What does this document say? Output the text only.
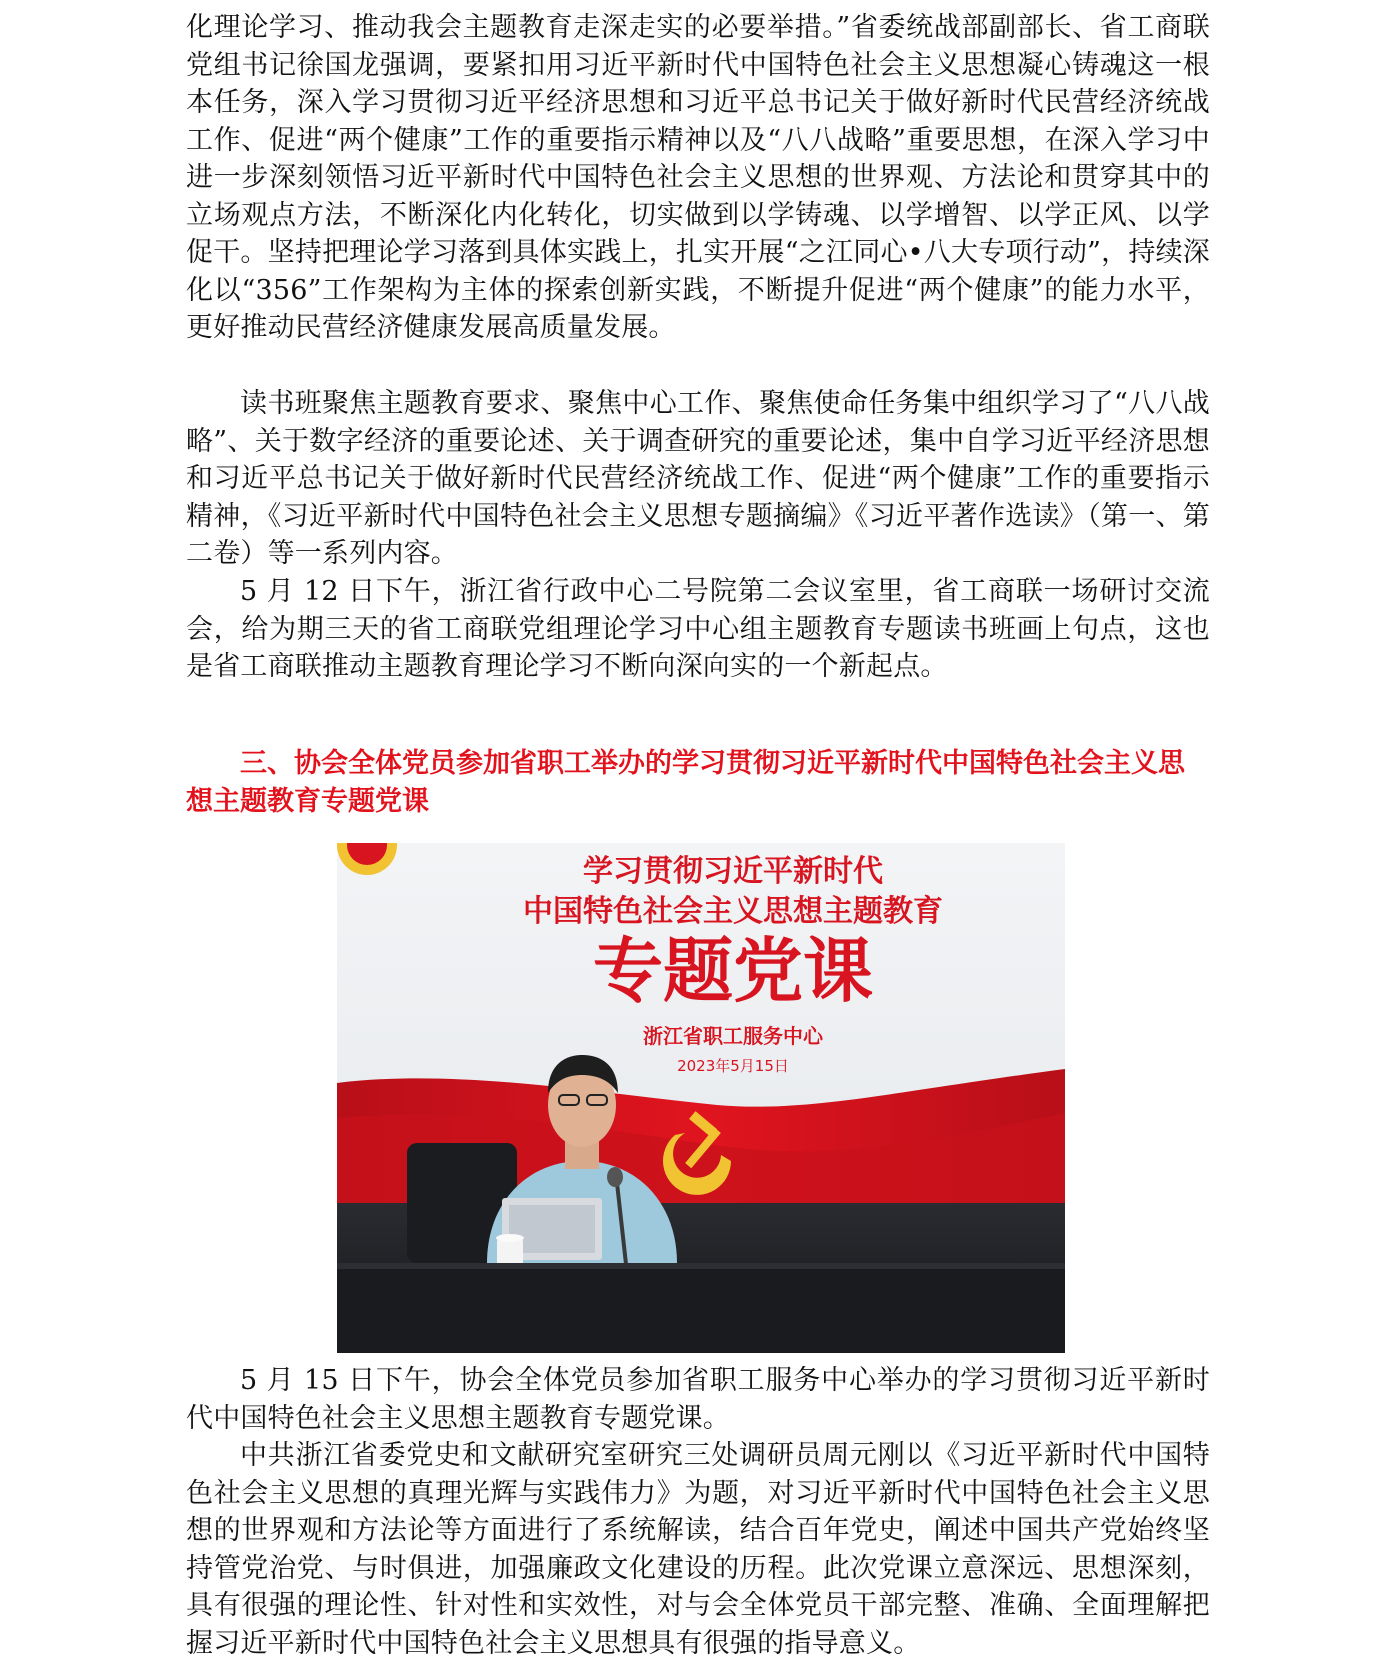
化理论学习、推动我会主题教育走深走实的必要举措。”省委统战部副部长、省工商联党组书记徐国龙强调，要紧扣用习近平新时代中国特色社会主义思想凝心铸魂这一根本任务，深入学习贯彻习近平经济思想和习近平总书记关于做好新时代民营经济统战工作、促进“两个健康”工作的重要指示精神以及“八八战略”重要思想，在深入学习中进一步深刻领悟习近平新时代中国特色社会主义思想的世界观、方法论和贯穿其中的立场观点方法，不断深化内化转化，切实做到以学铸魂、以学增智、以学正风、以学促干。坚持把理论学习落到具体实践上，扎实开展“之江同心•八大专项行动”，持续深化以“356”工作架构为主体的探索创新实践，不断提升促进“两个健康”的能力水平，更好推动民营经济健康发展高质量发展。

读书班聚焦主题教育要求、聚焦中心工作、聚焦使命任务集中组织学习了“八八战略”、关于数字经济的重要论述、关于调查研究的重要论述，集中自学习近平经济思想和习近平总书记关于做好新时代民营经济统战工作、促进“两个健康”工作的重要指示精神，《习近平新时代中国特色社会主义思想专题摘编》《习近平著作选读》（第一、第二卷）等一系列内容。

5 月 12 日下午，浙江省行政中心二号院第二会议室里，省工商联一场研讨交流会，给为期三天的省工商联党组理论学习中心组主题教育专题读书班画上句点，这也是省工商联推动主题教育理论学习不断向深向实的一个新起点。

三、协会全体党员参加省职工举办的学习贯彻习近平新时代中国特色社会主义思想主题教育专题党课

5 月 15 日下午，协会全体党员参加省职工服务中心举办的学习贯彻习近平新时代中国特色社会主义思想主题教育专题党课。

中共浙江省委党史和文献研究室研究三处调研员周元刚以《习近平新时代中国特色社会主义思想的真理光辉与实践伟力》为题，对习近平新时代中国特色社会主义思想的世界观和方法论等方面进行了系统解读，结合百年党史，阐述中国共产党始终坚持管党治党、与时俱进，加强廉政文化建设的历程。此次党课立意深远、思想深刻，具有很强的理论性、针对性和实效性，对与会全体党员干部完整、准确、全面理解把握习近平新时代中国特色社会主义思想具有很强的指导意义。

学习贯彻习近平新时代
中国特色社会主义思想主题教育
专题党课
浙江省职工服务中心
2023年5月15日
